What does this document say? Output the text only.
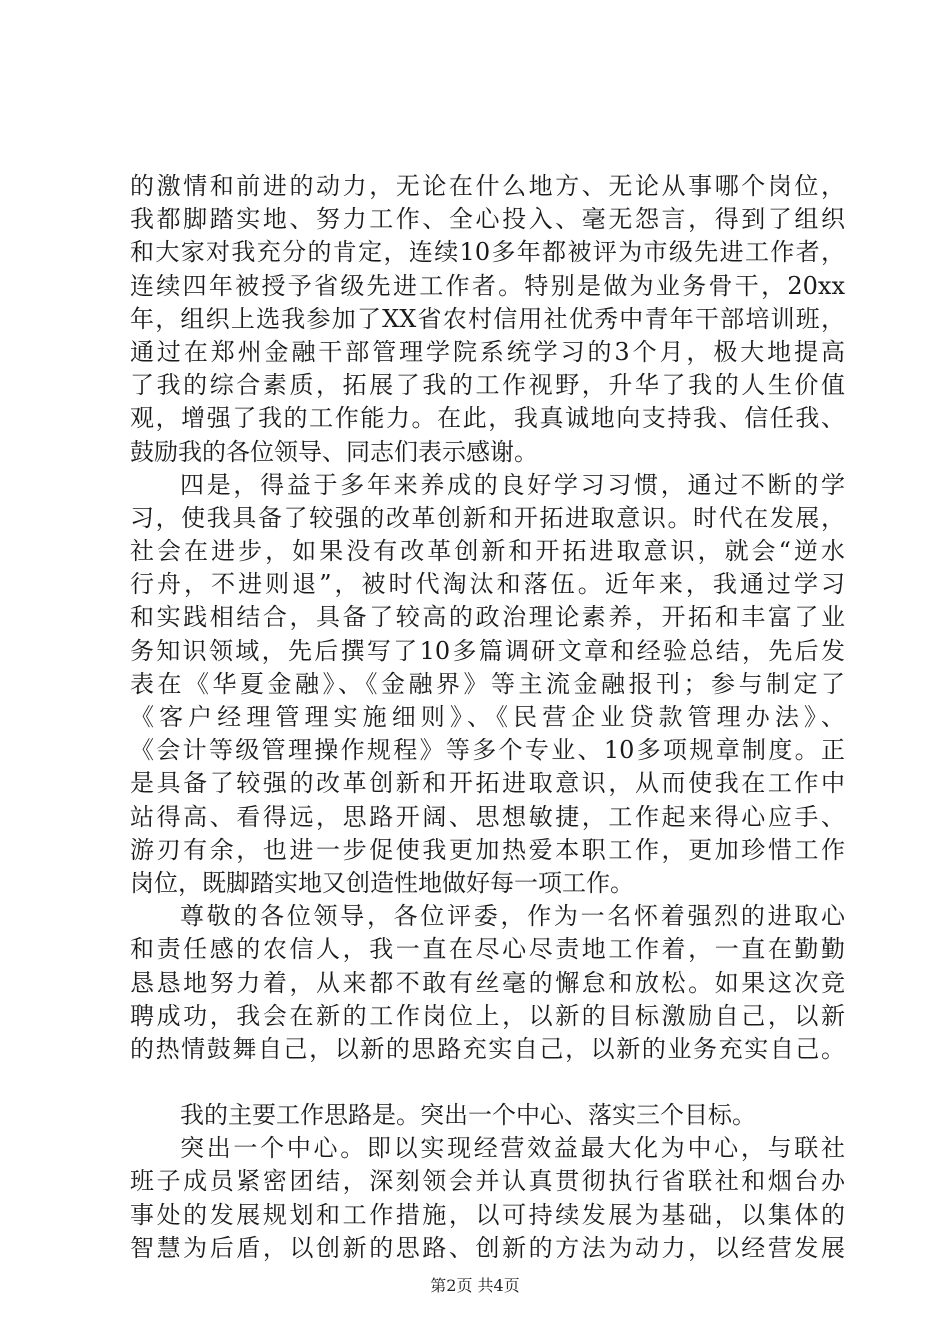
的激情和前进的动力，无论在什么地方、无论从事哪个岗位，
我都脚踏实地、努力工作、全心投入、毫无怨言，得到了组织
和大家对我充分的肯定，连续10多年都被评为市级先进工作者，
连续四年被授予省级先进工作者。特别是做为业务骨干，20xx
年，组织上选我参加了XX省农村信用社优秀中青年干部培训班，
通过在郑州金融干部管理学院系统学习的3个月，极大地提高
了我的综合素质，拓展了我的工作视野，升华了我的人生价值
观，增强了我的工作能力。在此，我真诚地向支持我、信任我、
鼓励我的各位领导、同志们表示感谢。
四是，得益于多年来养成的良好学习习惯，通过不断的学
习，使我具备了较强的改革创新和开拓进取意识。时代在发展，
社会在进步，如果没有改革创新和开拓进取意识，就会“逆水
行舟，不进则退”，被时代淘汰和落伍。近年来，我通过学习
和实践相结合，具备了较高的政治理论素养，开拓和丰富了业
务知识领域，先后撰写了10多篇调研文章和经验总结，先后发
表在《华夏金融》、《金融界》等主流金融报刊；参与制定了
《客户经理管理实施细则》、《民营企业贷款管理办法》、
《会计等级管理操作规程》等多个专业、10多项规章制度。正
是具备了较强的改革创新和开拓进取意识，从而使我在工作中
站得高、看得远，思路开阔、思想敏捷，工作起来得心应手、
游刃有余，也进一步促使我更加热爱本职工作，更加珍惜工作
岗位，既脚踏实地又创造性地做好每一项工作。
尊敬的各位领导，各位评委，作为一名怀着强烈的进取心
和责任感的农信人，我一直在尽心尽责地工作着，一直在勤勤
恳恳地努力着，从来都不敢有丝毫的懈怠和放松。如果这次竞
聘成功，我会在新的工作岗位上，以新的目标激励自己，以新
的热情鼓舞自己，以新的思路充实自己，以新的业务充实自己。
我的主要工作思路是。突出一个中心、落实三个目标。
突出一个中心。即以实现经营效益最大化为中心，与联社
班子成员紧密团结，深刻领会并认真贯彻执行省联社和烟台办
事处的发展规划和工作措施，以可持续发展为基础，以集体的
智慧为后盾，以创新的思路、创新的方法为动力，以经营发展
第2页 共4页
